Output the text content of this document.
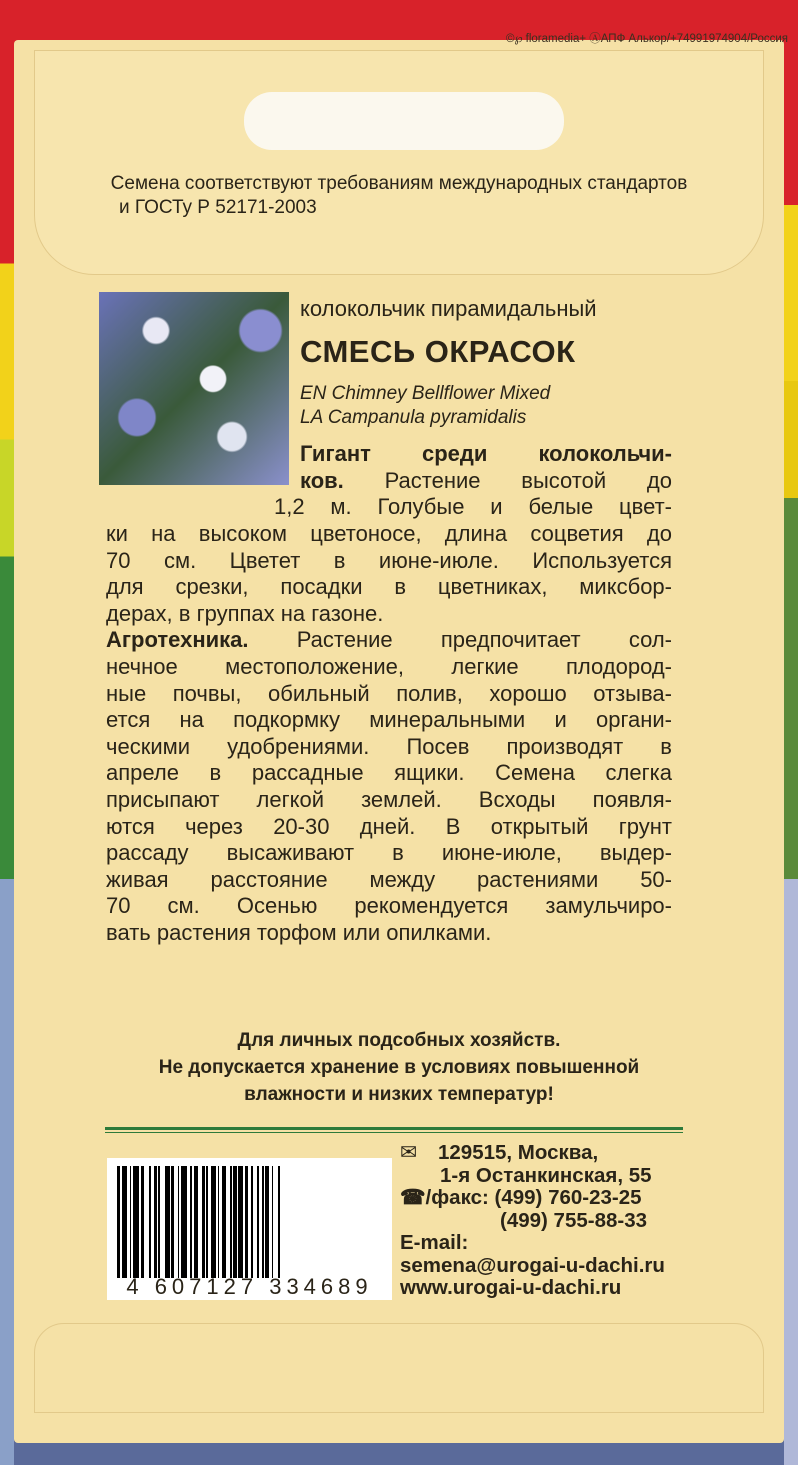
©℘ floramedia+ ⒶАПФ Алькор/+74991974904/Россия
Семена соответствуют требованиям международных стандартов
и ГОСТу Р 52171-2003
колокольчик пирамидальный
СМЕСЬ ОКРАСОК
EN Chimney Bellflower Mixed
LA Campanula pyramidalis
Гигант среди колокольчи-
ков. Растение высотой до
1,2 м. Голубые и белые цвет-
ки на высоком цветоносе, длина соцветия до
70 см. Цветет в июне-июле. Используется
для срезки, посадки в цветниках, миксбор-
дерах, в группах на газоне.
Агротехника. Растение предпочитает сол-
нечное местоположение, легкие плодород-
ные почвы, обильный полив, хорошо отзыва-
ется на подкормку минеральными и органи-
ческими удобрениями. Посев производят в
апреле в рассадные ящики. Семена слегка
присыпают легкой землей. Всходы появля-
ются через 20-30 дней. В открытый грунт
рассаду высаживают в июне-июле, выдер-
живая расстояние между растениями 50-
70 см. Осенью рекомендуется замульчиро-
вать растения торфом или опилками.
Для личных подсобных хозяйств.
Не допускается хранение в условиях повышенной
влажности и низких температур!
4 607127 334689
✉ 129515, Москва,
1-я Останкинская, 55
☎/факс: (499) 760-23-25
(499) 755-88-33
E-mail:
semena@urogai-u-dachi.ru
www.urogai-u-dachi.ru
